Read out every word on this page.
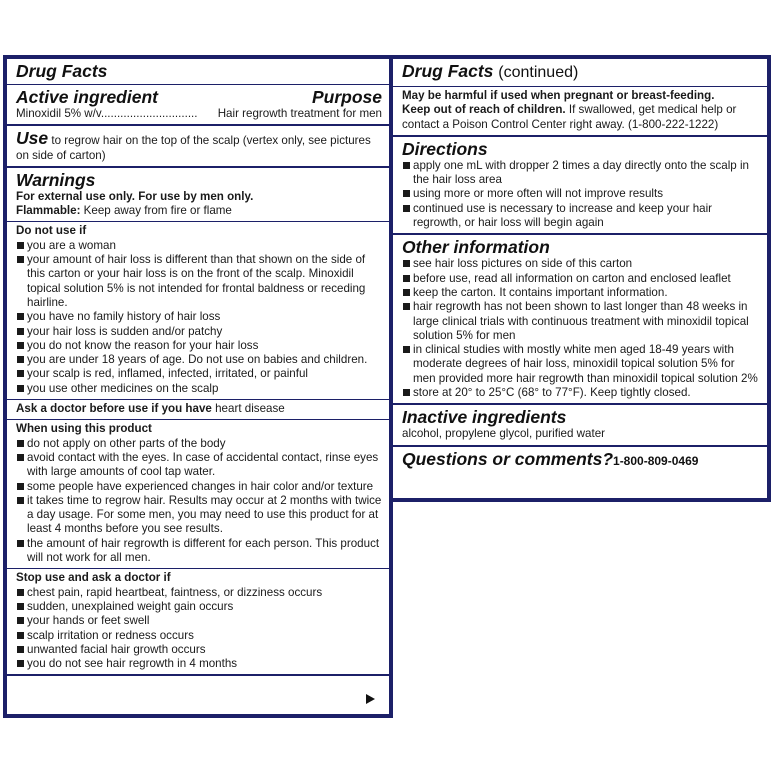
Drug Facts
Active ingredient	Purpose
Minoxidil 5% w/v.............................. Hair regrowth treatment for men
Use to regrow hair on the top of the scalp (vertex only, see pictures on side of carton)
Warnings
For external use only. For use by men only.
Flammable: Keep away from fire or flame
Do not use if
you are a woman
your amount of hair loss is different than that shown on the side of this carton or your hair loss is on the front of the scalp. Minoxidil topical solution 5% is not intended for frontal baldness or receding hairline.
you have no family history of hair loss
your hair loss is sudden and/or patchy
you do not know the reason for your hair loss
you are under 18 years of age. Do not use on babies and children.
your scalp is red, inflamed, infected, irritated, or painful
you use other medicines on the scalp
Ask a doctor before use if you have heart disease
When using this product
do not apply on other parts of the body
avoid contact with the eyes. In case of accidental contact, rinse eyes with large amounts of cool tap water.
some people have experienced changes in hair color and/or texture
it takes time to regrow hair. Results may occur at 2 months with twice a day usage. For some men, you may need to use this product for at least 4 months before you see results.
the amount of hair regrowth is different for each person. This product will not work for all men.
Stop use and ask a doctor if
chest pain, rapid heartbeat, faintness, or dizziness occurs
sudden, unexplained weight gain occurs
your hands or feet swell
scalp irritation or redness occurs
unwanted facial hair growth occurs
you do not see hair regrowth in 4 months
Drug Facts (continued)
May be harmful if used when pregnant or breast-feeding.
Keep out of reach of children. If swallowed, get medical help or contact a Poison Control Center right away. (1-800-222-1222)
Directions
apply one mL with dropper 2 times a day directly onto the scalp in the hair loss area
using more or more often will not improve results
continued use is necessary to increase and keep your hair regrowth, or hair loss will begin again
Other information
see hair loss pictures on side of this carton
before use, read all information on carton and enclosed leaflet
keep the carton. It contains important information.
hair regrowth has not been shown to last longer than 48 weeks in large clinical trials with continuous treatment with minoxidil topical solution 5% for men
in clinical studies with mostly white men aged 18-49 years with moderate degrees of hair loss, minoxidil topical solution 5% for men provided more hair regrowth than minoxidil topical solution 2%
store at 20° to 25°C (68° to 77°F). Keep tightly closed.
Inactive ingredients
alcohol, propylene glycol, purified water
Questions or comments?1-800-809-0469
